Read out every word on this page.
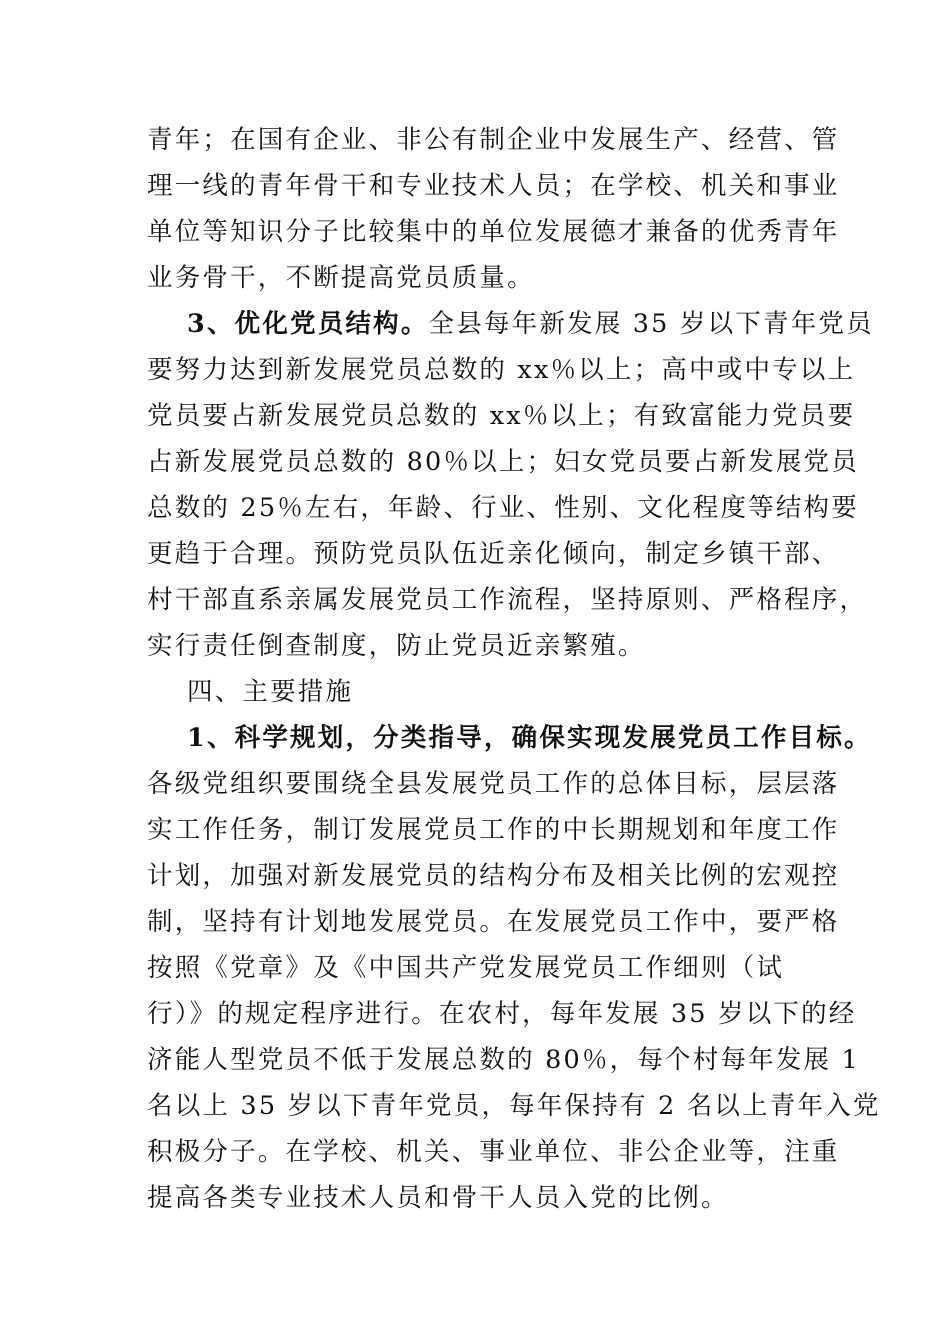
青年；在国有企业、非公有制企业中发展生产、经营、管
理一线的青年骨干和专业技术人员；在学校、机关和事业
单位等知识分子比较集中的单位发展德才兼备的优秀青年
业务骨干，不断提高党员质量。
3、优化党员结构。全县每年新发展 35 岁以下青年党员
要努力达到新发展党员总数的 xx％以上；高中或中专以上
党员要占新发展党员总数的 xx％以上；有致富能力党员要
占新发展党员总数的 80％以上；妇女党员要占新发展党员
总数的 25％左右，年龄、行业、性别、文化程度等结构要
更趋于合理。预防党员队伍近亲化倾向，制定乡镇干部、
村干部直系亲属发展党员工作流程，坚持原则、严格程序，
实行责任倒查制度，防止党员近亲繁殖。
四、主要措施
1、科学规划，分类指导，确保实现发展党员工作目标。
各级党组织要围绕全县发展党员工作的总体目标，层层落
实工作任务，制订发展党员工作的中长期规划和年度工作
计划，加强对新发展党员的结构分布及相关比例的宏观控
制，坚持有计划地发展党员。在发展党员工作中，要严格
按照《党章》及《中国共产党发展党员工作细则（试
行）》的规定程序进行。在农村，每年发展 35 岁以下的经
济能人型党员不低于发展总数的 80％，每个村每年发展 1
名以上 35 岁以下青年党员，每年保持有 2 名以上青年入党
积极分子。在学校、机关、事业单位、非公企业等，注重
提高各类专业技术人员和骨干人员入党的比例。
